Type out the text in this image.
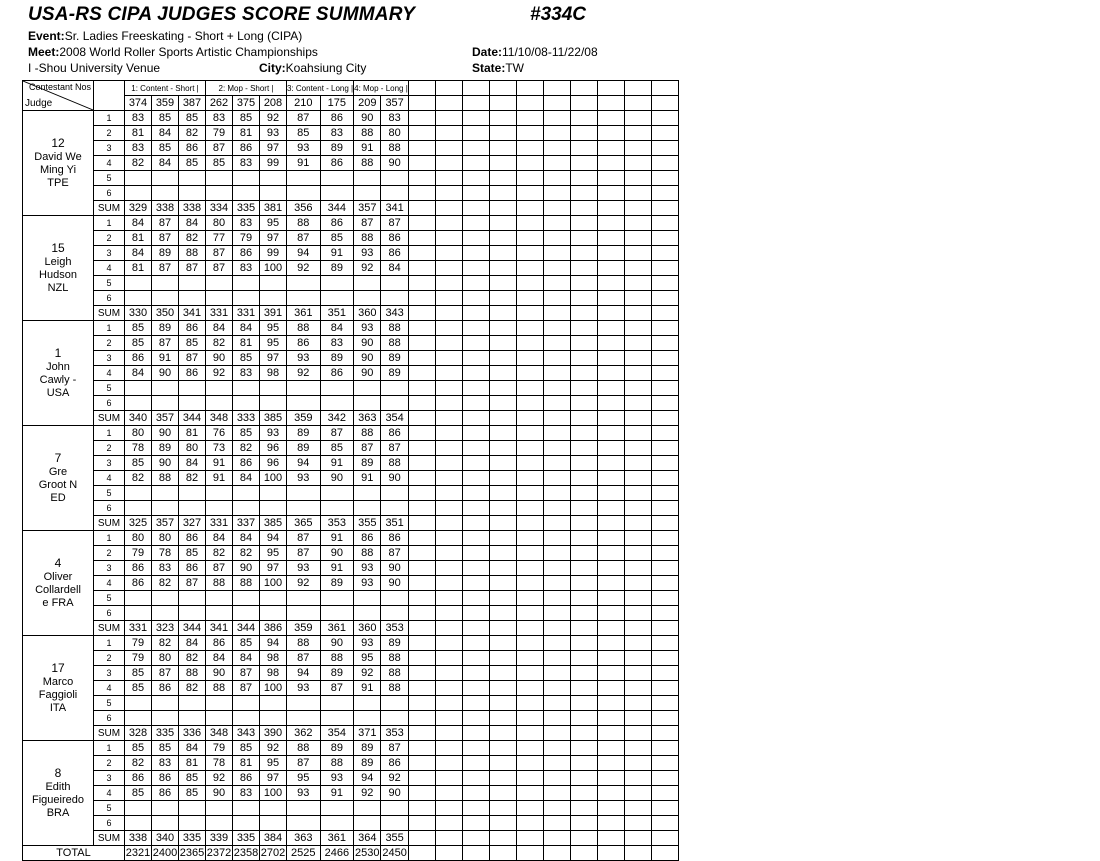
USA-RS CIPA JUDGES SCORE SUMMARY	#334C
Event:Sr. Ladies Freeskating - Short + Long (CIPA)
Meet:2008 World Roller Sports Artistic Championships	Date:11/10/08-11/22/08
I -Shou University Venue	City:Koahsiung City	State:TW
Contestant Nos
Judge		1: Content - Short |			2: Mop - Short |			3: Content - Long |		4: Mop - Long |											
		374	359	387	262	375	208	210	175	209	357										

12
David We
Ming Yi
TPE	1	83	85	85	83	85	92	87	86	90	83										
	2	81	84	82	79	81	93	85	83	88	80										
	3	83	85	86	87	86	97	93	89	91	88										
	4	82	84	85	85	83	99	91	86	88	90										
	5																				
	6																				
	SUM	329	338	338	334	335	381	356	344	357	341										

15
Leigh
Hudson
NZL	1	84	87	84	80	83	95	88	86	87	87										
	2	81	87	82	77	79	97	87	85	88	86										
	3	84	89	88	87	86	99	94	91	93	86										
	4	81	87	87	87	83	100	92	89	92	84										
	5																				
	6																				
	SUM	330	350	341	331	331	391	361	351	360	343										

1
John
Cawly -
USA	1	85	89	86	84	84	95	88	84	93	88										
	2	85	87	85	82	81	95	86	83	90	88										
	3	86	91	87	90	85	97	93	89	90	89										
	4	84	90	86	92	83	98	92	86	90	89										
	5																				
	6																				
	SUM	340	357	344	348	333	385	359	342	363	354										

7
Gre
Groot N
ED	1	80	90	81	76	85	93	89	87	88	86										
	2	78	89	80	73	82	96	89	85	87	87										
	3	85	90	84	91	86	96	94	91	89	88										
	4	82	88	82	91	84	100	93	90	91	90										
	5																				
	6																				
	SUM	325	357	327	331	337	385	365	353	355	351										

4
Oliver
Collardell
e FRA	1	80	80	86	84	84	94	87	91	86	86										
	2	79	78	85	82	82	95	87	90	88	87										
	3	86	83	86	87	90	97	93	91	93	90										
	4	86	82	87	88	88	100	92	89	93	90										
	5																				
	6																				
	SUM	331	323	344	341	344	386	359	361	360	353										

17
Marco
Faggioli
ITA	1	79	82	84	86	85	94	88	90	93	89										
	2	79	80	82	84	84	98	87	88	95	88										
	3	85	87	88	90	87	98	94	89	92	88										
	4	85	86	82	88	87	100	93	87	91	88										
	5																				
	6																				
	SUM	328	335	336	348	343	390	362	354	371	353										

8
Edith
Figueiredo
BRA	1	85	85	84	79	85	92	88	89	89	87										
	2	82	83	81	78	81	95	87	88	89	86										
	3	86	86	85	92	86	97	95	93	94	92										
	4	85	86	85	90	83	100	93	91	92	90										
	5																				
	6																				
	SUM	338	340	335	339	335	384	363	361	364	355										
TOTAL		2321	2400	2365	2372	2358	2702	2525	2466	2530	2450										
